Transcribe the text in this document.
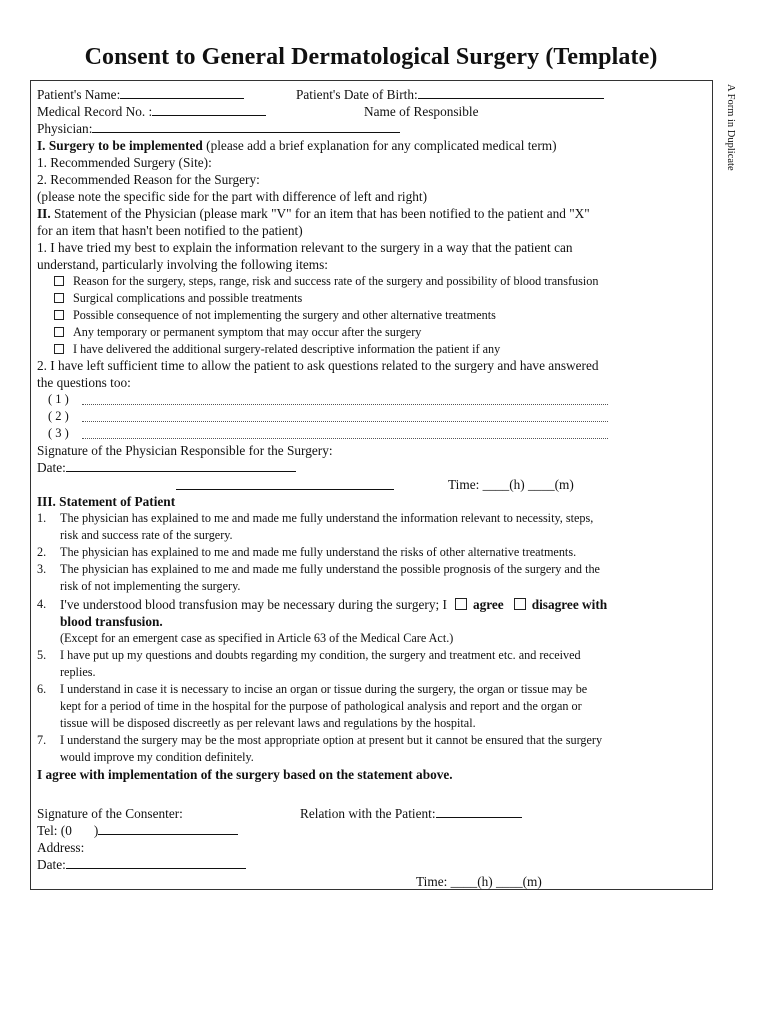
Consent to General Dermatological Surgery (Template)
A Form in Duplicate
Patient's Name:	Patient's Date of Birth:
Medical Record No. :	Name of Responsible
Physician:
I. Surgery to be implemented (please add a brief explanation for any complicated medical term)
1. Recommended Surgery (Site):
2. Recommended Reason for the Surgery:
(please note the specific side for the part with difference of left and right)
II. Statement of the Physician (please mark "V" for an item that has been notified to the patient and "X"
for an item that hasn't been notified to the patient)
1. I have tried my best to explain the information relevant to the surgery in a way that the patient can
understand, particularly involving the following items:
Reason for the surgery, steps, range, risk and success rate of the surgery and possibility of blood transfusion
Surgical complications and possible treatments
Possible consequence of not implementing the surgery and other alternative treatments
Any temporary or permanent symptom that may occur after the surgery
I have delivered the additional surgery-related descriptive information the patient if any
2. I have left sufficient time to allow the patient to ask questions related to the surgery and have answered
the questions too:
( 1 )
( 2 )
( 3 )
Signature of the Physician Responsible for the Surgery:
Date:
Time: ____(h) ____(m)
III. Statement of Patient
1. The physician has explained to me and made me fully understand the information relevant to necessity, steps,
risk and success rate of the surgery.
2. The physician has explained to me and made me fully understand the risks of other alternative treatments.
3. The physician has explained to me and made me fully understand the possible prognosis of the surgery and the
risk of not implementing the surgery.
4. I've understood blood transfusion may be necessary during the surgery; I agree disagree with
blood transfusion.
(Except for an emergent case as specified in Article 63 of the Medical Care Act.)
5. I have put up my questions and doubts regarding my condition, the surgery and treatment etc. and received
replies.
6. I understand in case it is necessary to incise an organ or tissue during the surgery, the organ or tissue may be
kept for a period of time in the hospital for the purpose of pathological analysis and report and the organ or
tissue will be disposed discreetly as per relevant laws and regulations by the hospital.
7. I understand the surgery may be the most appropriate option at present but it cannot be ensured that the surgery
would improve my condition definitely.
I agree with implementation of the surgery based on the statement above.
Signature of the Consenter:	Relation with the Patient:
Tel: (0 )
Address:
Date:
Time: ____(h) ____(m)
